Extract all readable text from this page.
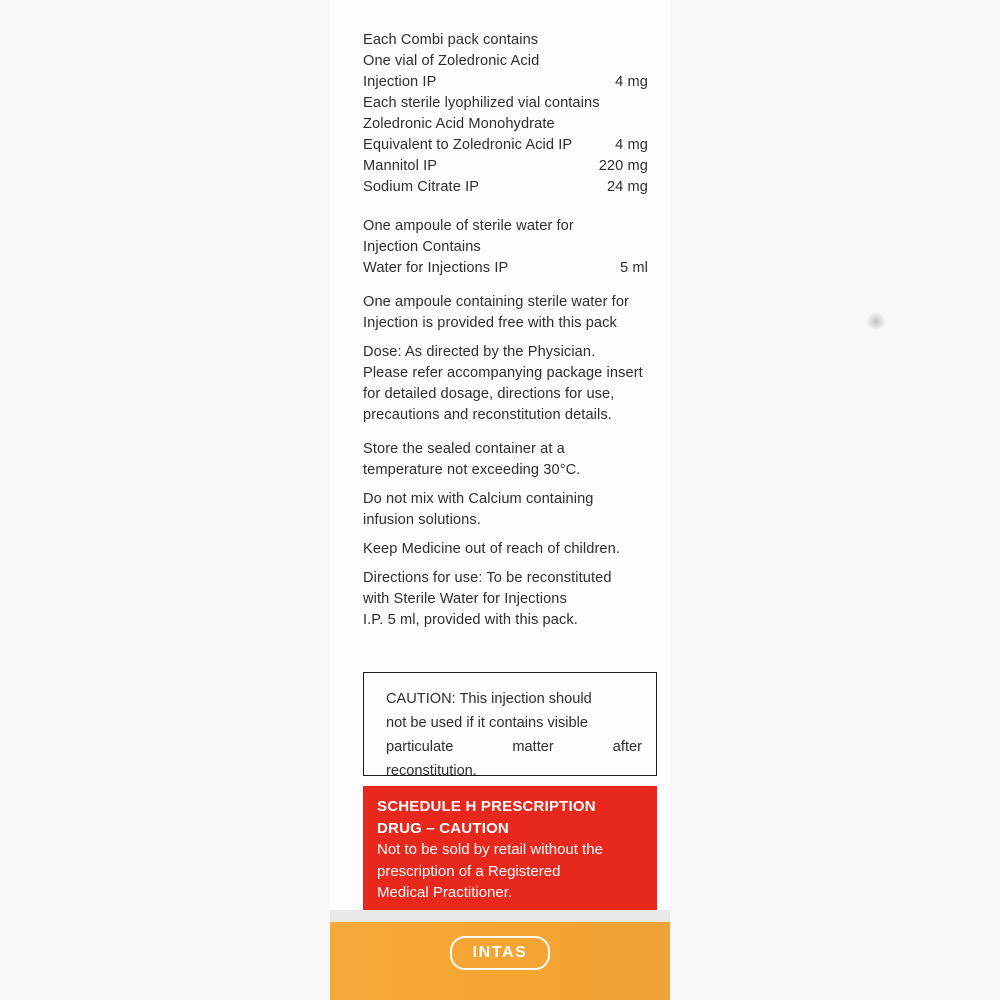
Each Combi pack contains
One vial of Zoledronic Acid
Injection IP	4 mg
Each sterile lyophilized vial contains
Zoledronic Acid Monohydrate
Equivalent to Zoledronic Acid IP	4 mg
Mannitol IP	220 mg
Sodium Citrate IP	24 mg
One ampoule of sterile water for
Injection Contains
Water for Injections IP	5 ml
One ampoule containing sterile water for
Injection is provided free with this pack
Dose: As directed by the Physician.
Please refer accompanying package insert
for detailed dosage, directions for use,
precautions and reconstitution details.
Store the sealed container at a
temperature not exceeding 30°C.
Do not mix with Calcium containing
infusion solutions.
Keep Medicine out of reach of children.
Directions for use: To be reconstituted
with Sterile Water for Injections
I.P. 5 ml, provided with this pack.
CAUTION: This injection should
not be used if it contains visible
particulate	matter	after
reconstitution.
SCHEDULE H PRESCRIPTION
DRUG – CAUTION
Not to be sold by retail without the
prescription of a Registered
Medical Practitioner.
INTAS
